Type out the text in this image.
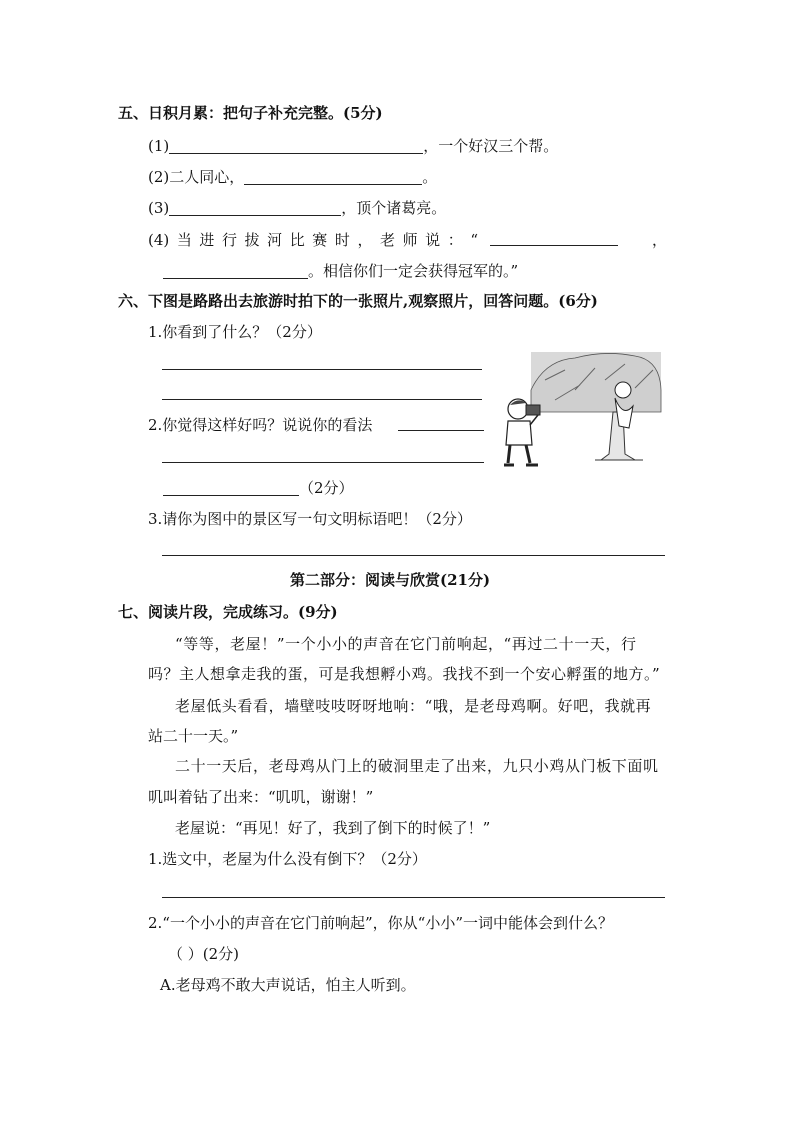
五、日积月累：把句子补充完整。(5分)
(1)	，一个好汉三个帮。
(2)二人同心，	。
(3)	，顶个诸葛亮。
(4) 当 进 行 拔 河 比 赛 时 ， 老 师 说 ： “	，
。相信你们一定会获得冠军的。”
六、下图是路路出去旅游时拍下的一张照片,观察照片，回答问题。(6分)
1.你看到了什么？（2分）
2.你觉得这样好吗？说说你的看法
（2分）
3.请你为图中的景区写一句文明标语吧！（2分）
第二部分：阅读与欣赏(21分)
七、阅读片段，完成练习。(9分)
“等等，老屋！”一个小小的声音在它门前响起，“再过二十一天，行
吗？主人想拿走我的蛋，可是我想孵小鸡。我找不到一个安心孵蛋的地方。”
老屋低头看看，墙壁吱吱呀呀地响：“哦，是老母鸡啊。好吧，我就再
站二十一天。”
二十一天后，老母鸡从门上的破洞里走了出来，九只小鸡从门板下面叽
叽叫着钻了出来：“叽叽，谢谢！”
老屋说：“再见！好了，我到了倒下的时候了！”
1.选文中，老屋为什么没有倒下？（2分）
2.“一个小小的声音在它门前响起”，你从“小小”一词中能体会到什么？
（ ）(2分)
A.老母鸡不敢大声说话，怕主人听到。
